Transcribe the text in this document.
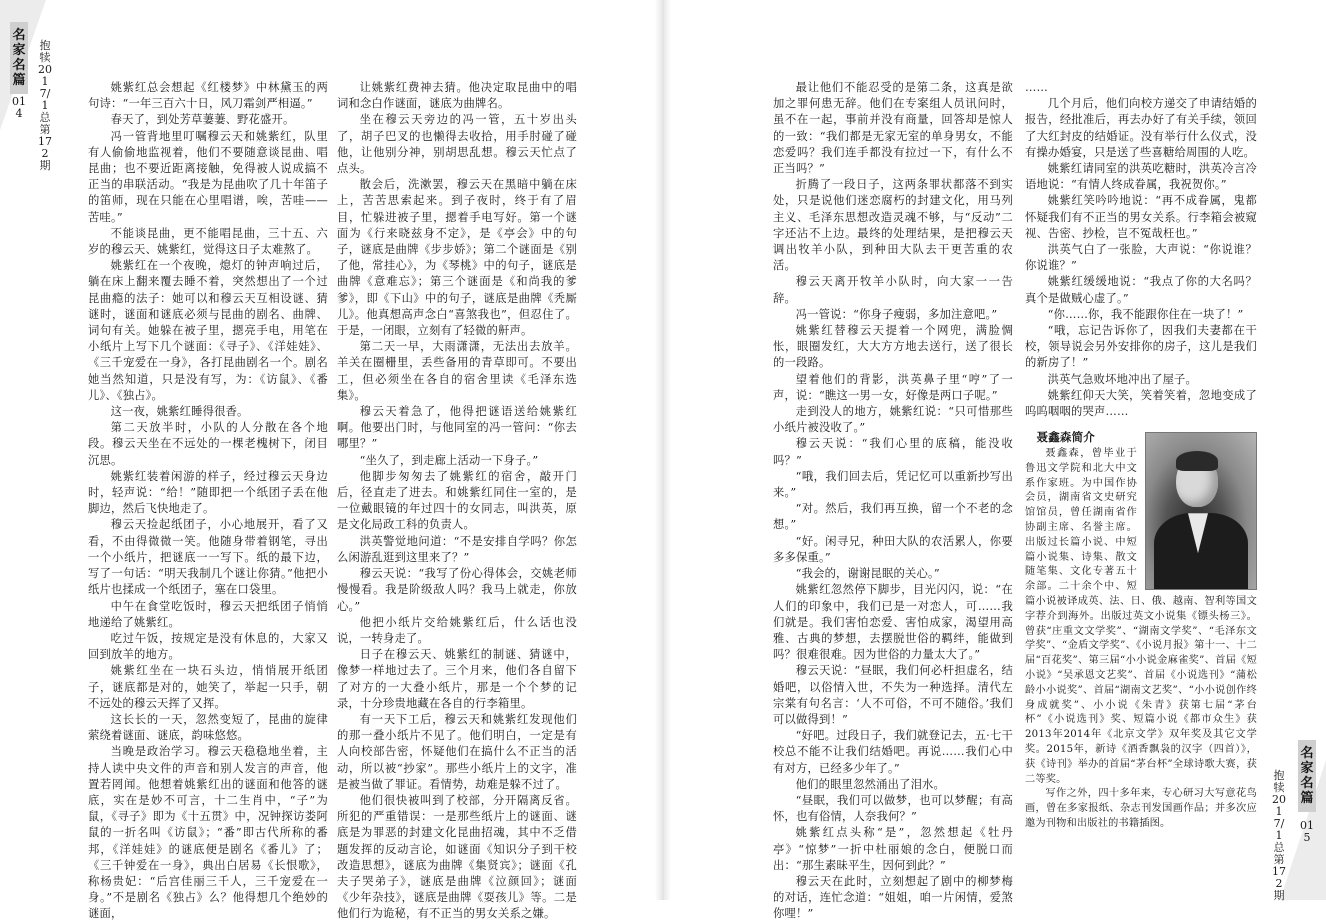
名家名篇
014
抱犊2017/1 总第172期

姚紫红总会想起《红楼梦》中林黛玉的两句诗：“一年三百六十日，风刀霜剑严相逼。”

春天了，到处芳草萋萋、野花盛开。

冯一管背地里叮嘱穆云天和姚紫红，队里有人偷偷地监视着，他们不要随意谈昆曲、唱昆曲；也不要近距离接触，免得被人说成搞不正当的串联活动。“我是为昆曲吹了几十年笛子的笛师，现在只能在心里唱谱，唉，苦哇——苦哇。”

不能谈昆曲，更不能唱昆曲，三十五、六岁的穆云天、姚紫红，觉得这日子太难熬了。

姚紫红在一个夜晚，熄灯的钟声响过后，躺在床上翻来覆去睡不着，突然想出了一个过昆曲瘾的法子：她可以和穆云天互相设谜、猜谜时，谜面和谜底必须与昆曲的剧名、曲牌、词句有关。她躲在被子里，摁亮手电，用笔在小纸片上写下几个谜面：《寻子》、《洋娃娃》、《三千宠爱在一身》，各打昆曲剧名一个。剧名她当然知道，只是没有写，为：《访鼠》、《番儿》、《独占》。

这一夜，姚紫红睡得很香。

第二天放半时，小队的人分散在各个地段。穆云天坐在不远处的一棵老槐树下，闭目沉思。

姚紫红装着闲游的样子，经过穆云天身边时，轻声说：“给！”随即把一个纸团子丢在他脚边，然后飞快地走了。

穆云天捡起纸团子，小心地展开，看了又看，不由得微微一笑。他随身带着钢笔，寻出一个小纸片，把谜底一一写下。纸的最下边，写了一句话：“明天我制几个谜让你猜。”他把小纸片也揉成一个纸团子，塞在口袋里。

中午在食堂吃饭时，穆云天把纸团子悄悄地递给了姚紫红。

吃过午饭，按规定是没有休息的，大家又回到放羊的地方。

姚紫红坐在一块石头边，悄悄展开纸团子，谜底都是对的，她笑了，举起一只手，朝不远处的穆云天挥了又挥。

这长长的一天，忽然变短了，昆曲的旋律萦绕着谜面、谜底，韵味悠悠。

当晚是政治学习。穆云天稳稳地坐着，主持人读中央文件的声音和别人发言的声音，他置若罔闻。他想着姚紫红出的谜面和他答的谜底，实在是妙不可言，十二生肖中，“子”为鼠，《寻子》即为《十五贯》中，况钟探访娄阿鼠的一折名叫《访鼠》；“番”即古代所称的番邦，《洋娃娃》的谜底便是剧名《番儿》了；《三千钟爱在一身》，典出白居易《长恨歌》，称杨贵妃：“后宫佳丽三千人，三千宠爱在一身。”不是剧名《独占》么？他得想几个绝妙的谜面，

让姚紫红费神去猜。他决定取昆曲中的唱词和念白作谜面，谜底为曲牌名。

坐在穆云天旁边的冯一管，五十岁出头了，胡子巴叉的也懒得去收拾，用手肘碰了碰他，让他别分神，别胡思乱想。穆云天忙点了点头。

散会后，洗漱罢，穆云天在黑暗中躺在床上，苦苦思索起来。到子夜时，终于有了眉目，忙躲进被子里，摁着手电写好。第一个谜面为《行来晓兹身不定》，是《亭会》中的句子，谜底是曲牌《步步娇》；第二个谜面是《别了他，常挂心》，为《琴桃》中的句子，谜底是曲牌《意难忘》；第三个谜面是《和尚我的爹爹》，即《下山》中的句子，谜底是曲牌《秃厮儿》。他真想高声念白“喜煞我也”，但忍住了。于是，一闭眼，立刻有了轻微的鼾声。

第二天一早，大雨潇潇，无法出去放羊。羊关在圈栅里，丢些备用的青草即可。不要出工，但必须坐在各自的宿舍里读《毛泽东选集》。

穆云天着急了，他得把谜语送给姚紫红啊。他要出门时，与他同室的冯一管问：“你去哪里？”

“坐久了，到走廊上活动一下身子。”

他脚步匆匆去了姚紫红的宿舍，敲开门后，径直走了进去。和姚紫红同住一室的，是一位戴眼镜的年过四十的女同志，叫洪英，原是文化局政工科的负责人。

洪英警觉地问道：“不是安排自学吗？你怎么闲游乱逛到这里来了？”

穆云天说：“我写了份心得体会，交姚老师慢慢看。我是阶级敌人吗？我马上就走，你放心。”

他把小纸片交给姚紫红后，什么话也没说，一转身走了。

日子在穆云天、姚紫红的制谜、猜谜中，像梦一样地过去了。三个月来，他们各自留下了对方的一大叠小纸片，那是一个个梦的记录，十分珍贵地藏在各自的行李箱里。

有一天下工后，穆云天和姚紫红发现他们的那一叠小纸片不见了。他们明白，一定是有人向校部告密，怀疑他们在搞什么不正当的活动，所以被“抄家”。那些小纸片上的文字，准是被当做了罪证。看情势，劫难是躲不过了。

他们很快被叫到了校部，分开隔离反省。所犯的严重错误：一是那些纸片上的谜面、谜底是为罪恶的封建文化昆曲招魂，其中不乏借题发挥的反动言论，如谜面《知识分子到干校改造思想》，谜底为曲牌《集贤宾》；谜面《孔夫子哭弟子》，谜底是曲牌《泣颜回》；谜面《少年杂技》，谜底是曲牌《耍孩儿》等。二是他们行为诡秘，有不正当的男女关系之嫌。

名家名篇
015
抱犊2017/1 总第172期

最让他们不能忍受的是第二条，这真是欲加之罪何患无辞。他们在专案组人员讯问时，虽不在一起，事前并没有商量，回答却是惊人的一致：“我们都是无家无室的单身男女，不能恋爱吗？我们连手都没有拉过一下，有什么不正当吗？”

折腾了一段日子，这两条罪状都落不到实处，只是说他们迷恋腐朽的封建文化，用马列主义、毛泽东思想改造灵魂不够，与“反动”二字还沾不上边。最终的处理结果，是把穆云天调出牧羊小队，到种田大队去干更苦重的农活。

穆云天离开牧羊小队时，向大家一一告辞。

冯一管说：“你身子瘦弱，多加注意吧。”

姚紫红替穆云天提着一个网兜，满脸惆怅，眼圈发红，大大方方地去送行，送了很长的一段路。

望着他们的背影，洪英鼻子里“哼”了一声，说：“瞧这一男一女，好像是两口子呢。”

走到没人的地方，姚紫红说：“只可惜那些小纸片被没收了。”

穆云天说：“我们心里的底稿，能没收吗？”

“哦，我们回去后，凭记忆可以重新抄写出来。”

“对。然后，我们再互换，留一个不老的念想。”

“好。闲寻兄，种田大队的农活累人，你要多多保重。”

“我会的，谢谢昆眠的关心。”

姚紫红忽然停下脚步，目光闪闪，说：“在人们的印象中，我们已是一对恋人，可……我们就是。我们害怕恋爱、害怕成家，渴望用高雅、古典的梦想，去摆脱世俗的羁绊，能做到吗？很难很难。因为世俗的力量太大了。”

穆云天说：“昼眠，我们何必杆担虚名，结婚吧，以俗情入世，不失为一种选择。清代左宗棠有句名言：‘人不可俗，不可不随俗。’我们可以做得到！”

“好吧。过段日子，我们就登记去，五·七干校总不能不让我们结婚吧。再说……我们心中有对方，已经多少年了。”

他们的眼里忽然涌出了泪水。

“昼眠，我们可以做梦，也可以梦醒；有高怀，也有俗情，人奈我何？”

姚紫红点头称“是”，忽然想起《牡丹亭》“惊梦”一折中杜丽娘的念白，便脱口而出：“那生素昧平生，因何到此？”

穆云天在此时，立刻想起了剧中的柳梦梅的对话，连忙念道：“姐姐，咱一片闲情，爱煞你哩！”

……

几个月后，他们向校方递交了申请结婚的报告，经批准后，再去办好了有关手续，领回了大红封皮的结婚证。没有举行什么仪式，没有操办婚宴，只是送了些喜糖给周围的人吃。

姚紫红请同室的洪英吃糖时，洪英冷言冷语地说：“有情人终成眷属，我祝贺你。”

姚紫红笑吟吟地说：“再不成眷属，鬼都怀疑我们有不正当的男女关系。行李箱会被窥视、告密、抄检，岂不冤哉枉也。”

洪英气白了一张脸，大声说：“你说谁？你说谁？”

姚紫红缓缓地说：“我点了你的大名吗？真个是做贼心虚了。”

“你……你，我不能跟你住在一块了！”

“哦，忘记告诉你了，因我们夫妻都在干校，领导说会另外安排你的房子，这儿是我们的新房了！”

洪英气急败坏地冲出了屋子。

姚紫红仰天大笑，笑着笑着，忽地变成了呜呜咽咽的哭声……

聂鑫森简介

聂鑫森，曾毕业于鲁迅文学院和北大中文系作家班。为中国作协会员，湖南省文史研究馆馆员，曾任湖南省作协副主席、名誉主席。出版过长篇小说、中短篇小说集、诗集、散文随笔集、文化专著五十余部。二十余个中、短篇小说被译成英、法、日、俄、越南、智利等国文字荐介到海外。出版过英文小说集《镖头杨三》。曾获“庄重文文学奖”、“湖南文学奖”、“毛泽东文学奖”、“金盾文学奖”、《小说月报》第十一、十二届“百花奖”、第三届“小小说金麻雀奖”、首届《短小说》“吴承恩文艺奖”、首届《小说选刊》“蒲松龄小小说奖”、首届“湖南文艺奖”、“小小说创作终身成就奖”、小小说《朱青》获第七届“茅台杯”《小说选刊》奖、短篇小说《都市众生》获2013年2014年《北京文学》双年奖及其它文学奖。2015年，新诗《酒香飘袅的汉字（四首）》，获《诗刊》举办的首届“茅台杯”全球诗歌大赛，获二等奖。

写作之外，四十多年来，专心研习大写意花鸟画，曾在多家报纸、杂志刊发国画作品；并多次应邀为刊物和出版社的书籍插图。
